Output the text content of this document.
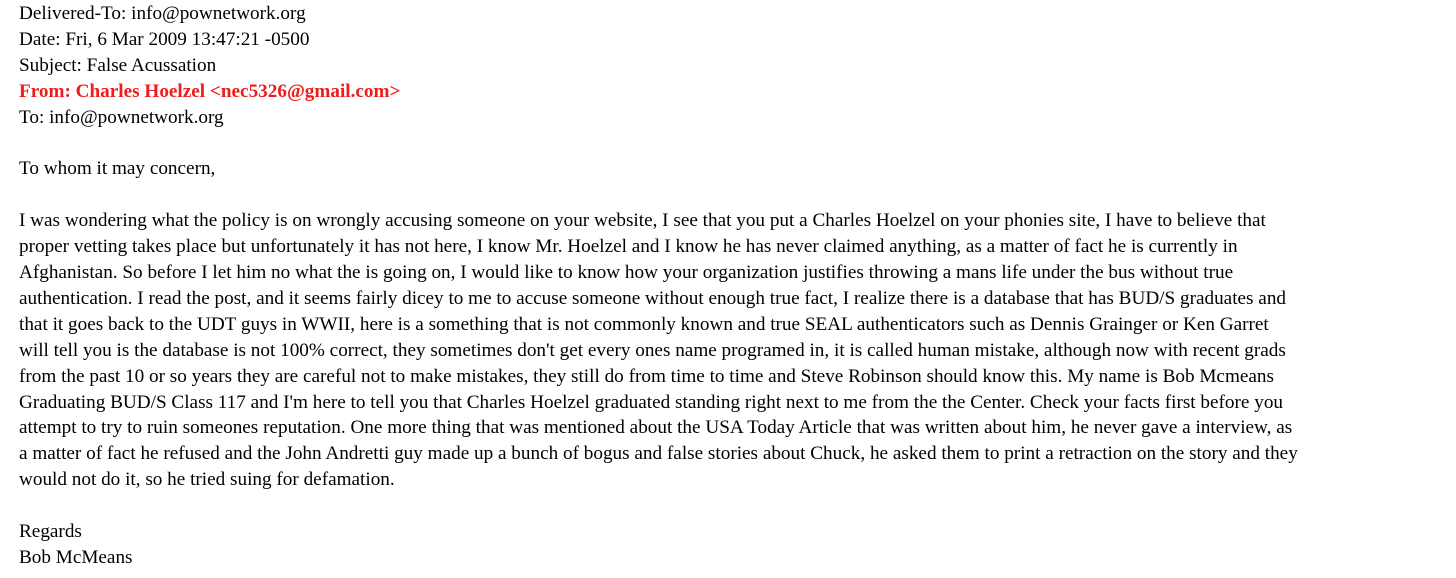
Delivered-To: info@pownetwork.org
Date: Fri, 6 Mar 2009 13:47:21 -0500
Subject: False Acussation
From: Charles Hoelzel <nec5326@gmail.com>
To: info@pownetwork.org
To whom it may concern,
I was wondering what the policy is on wrongly accusing someone on your website, I see that you put a Charles Hoelzel on your phonies site, I have to believe that
proper vetting takes place but unfortunately it has not here, I know Mr. Hoelzel and I know he has never claimed anything, as a matter of fact he is currently in
Afghanistan. So before I let him no what the is going on, I would like to know how your organization justifies throwing a mans life under the bus without true
authentication. I read the post, and it seems fairly dicey to me to accuse someone without enough true fact, I realize there is a database that has BUD/S graduates and
that it goes back to the UDT guys in WWII, here is a something that is not commonly known and true SEAL authenticators such as Dennis Grainger or Ken Garret
will tell you is the database is not 100% correct, they sometimes don't get every ones name programed in, it is called human mistake, although now with recent grads
from the past 10 or so years they are careful not to make mistakes, they still do from time to time and Steve Robinson should know this. My name is Bob Mcmeans
Graduating BUD/S Class 117 and I'm here to tell you that Charles Hoelzel graduated standing right next to me from the the Center. Check your facts first before you
attempt to try to ruin someones reputation. One more thing that was mentioned about the USA Today Article that was written about him, he never gave a interview, as
a matter of fact he refused and the John Andretti guy made up a bunch of bogus and false stories about Chuck, he asked them to print a retraction on the story and they
would not do it, so he tried suing for defamation.
Regards
Bob McMeans
